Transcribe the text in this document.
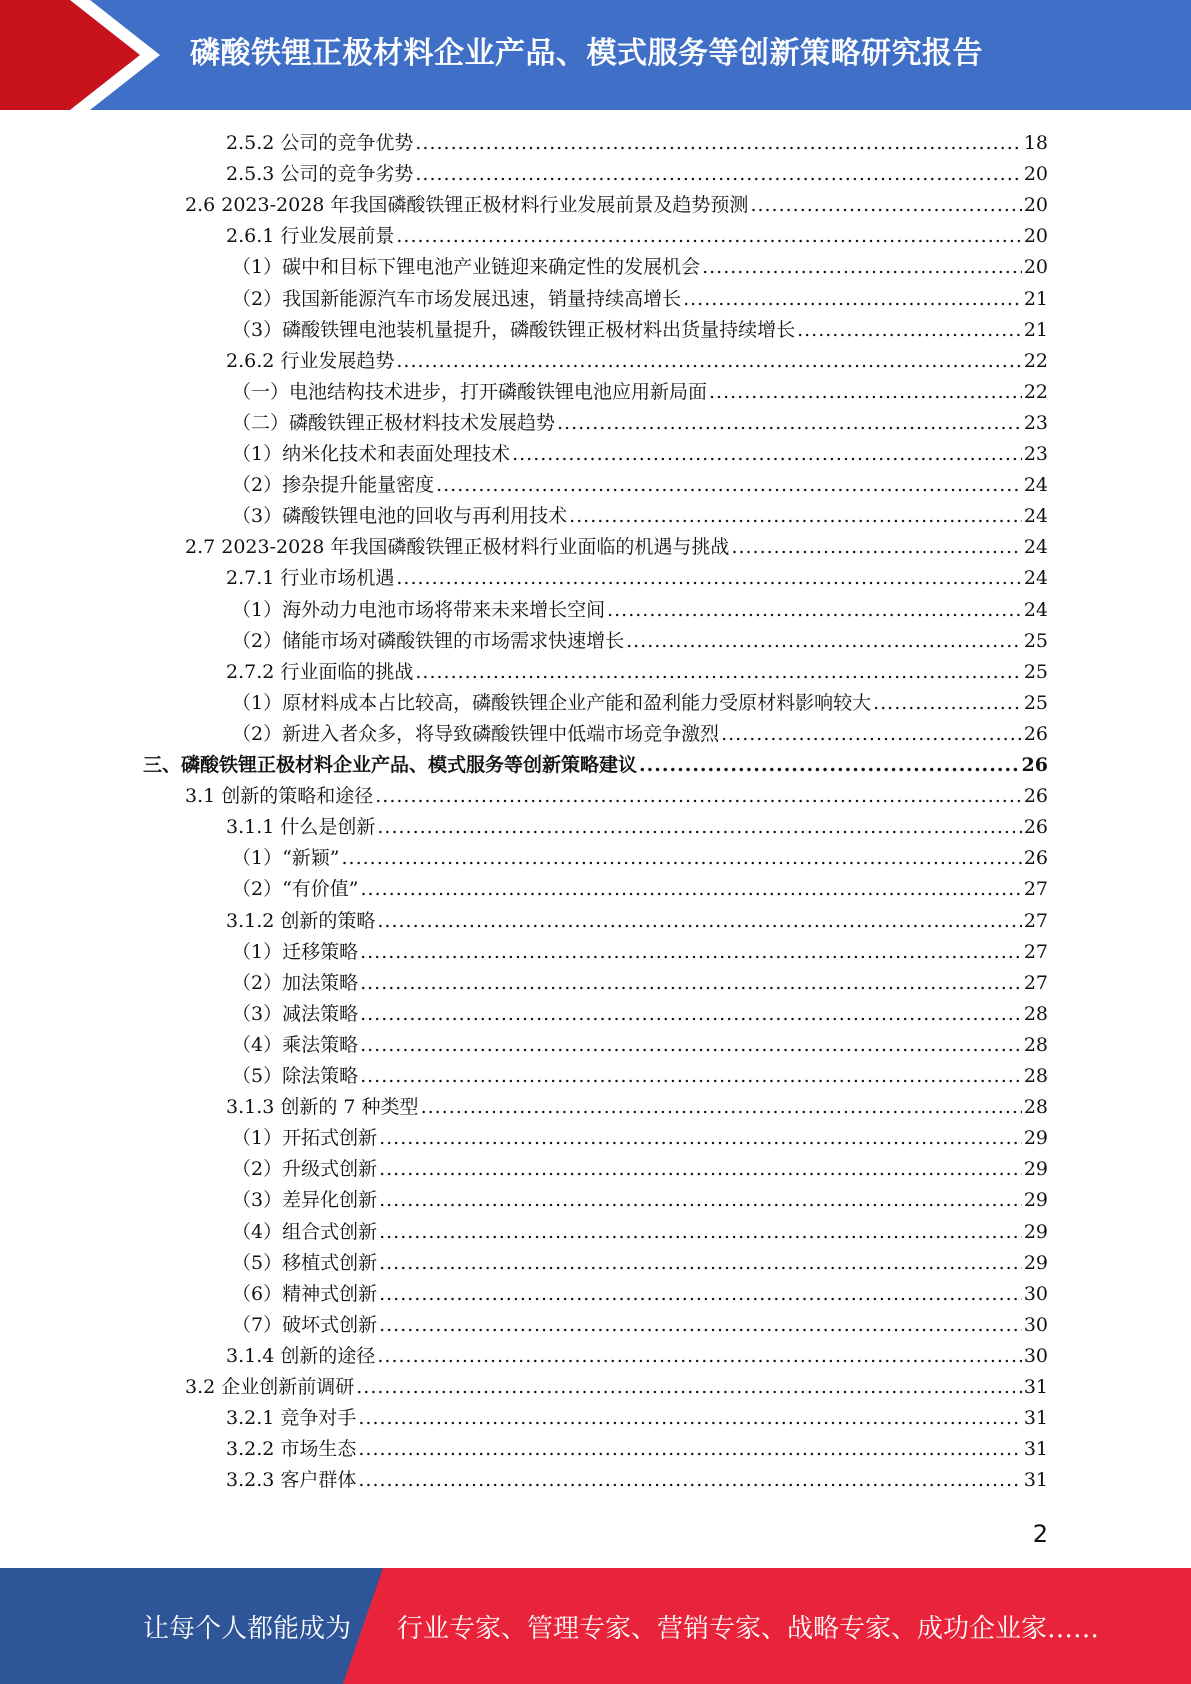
磷酸铁锂正极材料企业产品、模式服务等创新策略研究报告
2.5.2 公司的竞争优势 .....	18
2.5.3 公司的竞争劣势 .....	20
2.6 2023-2028 年我国磷酸铁锂正极材料行业发展前景及趋势预测 .....	20
2.6.1 行业发展前景 .....	20
（1）碳中和目标下锂电池产业链迎来确定性的发展机会 .....	20
（2）我国新能源汽车市场发展迅速，销量持续高增长 .....	21
（3）磷酸铁锂电池装机量提升，磷酸铁锂正极材料出货量持续增长 .....	21
2.6.2 行业发展趋势 .....	22
（一）电池结构技术进步，打开磷酸铁锂电池应用新局面 .....	22
（二）磷酸铁锂正极材料技术发展趋势 .....	23
（1）纳米化技术和表面处理技术 .....	23
（2）掺杂提升能量密度 .....	24
（3）磷酸铁锂电池的回收与再利用技术 .....	24
2.7 2023-2028 年我国磷酸铁锂正极材料行业面临的机遇与挑战 .....	24
2.7.1 行业市场机遇 .....	24
（1）海外动力电池市场将带来未来增长空间 .....	24
（2）储能市场对磷酸铁锂的市场需求快速增长 .....	25
2.7.2 行业面临的挑战 .....	25
（1）原材料成本占比较高，磷酸铁锂企业产能和盈利能力受原材料影响较大 .....	25
（2）新进入者众多，将导致磷酸铁锂中低端市场竞争激烈 .....	26
三、磷酸铁锂正极材料企业产品、模式服务等创新策略建议 .....	26
3.1 创新的策略和途径 .....	26
3.1.1 什么是创新 .....	26
（1）“新颖” .....	26
（2）“有价值” .....	27
3.1.2 创新的策略 .....	27
（1）迁移策略 .....	27
（2）加法策略 .....	27
（3）减法策略 .....	28
（4）乘法策略 .....	28
（5）除法策略 .....	28
3.1.3 创新的 7 种类型 .....	28
（1）开拓式创新 .....	29
（2）升级式创新 .....	29
（3）差异化创新 .....	29
（4）组合式创新 .....	29
（5）移植式创新 .....	29
（6）精神式创新 .....	30
（7）破坏式创新 .....	30
3.1.4 创新的途径 .....	30
3.2 企业创新前调研 .....	31
3.2.1 竞争对手 .....	31
3.2.2 市场生态 .....	31
3.2.3 客户群体 .....	31
2
让每个人都能成为 行业专家、管理专家、营销专家、战略专家、成功企业家……
